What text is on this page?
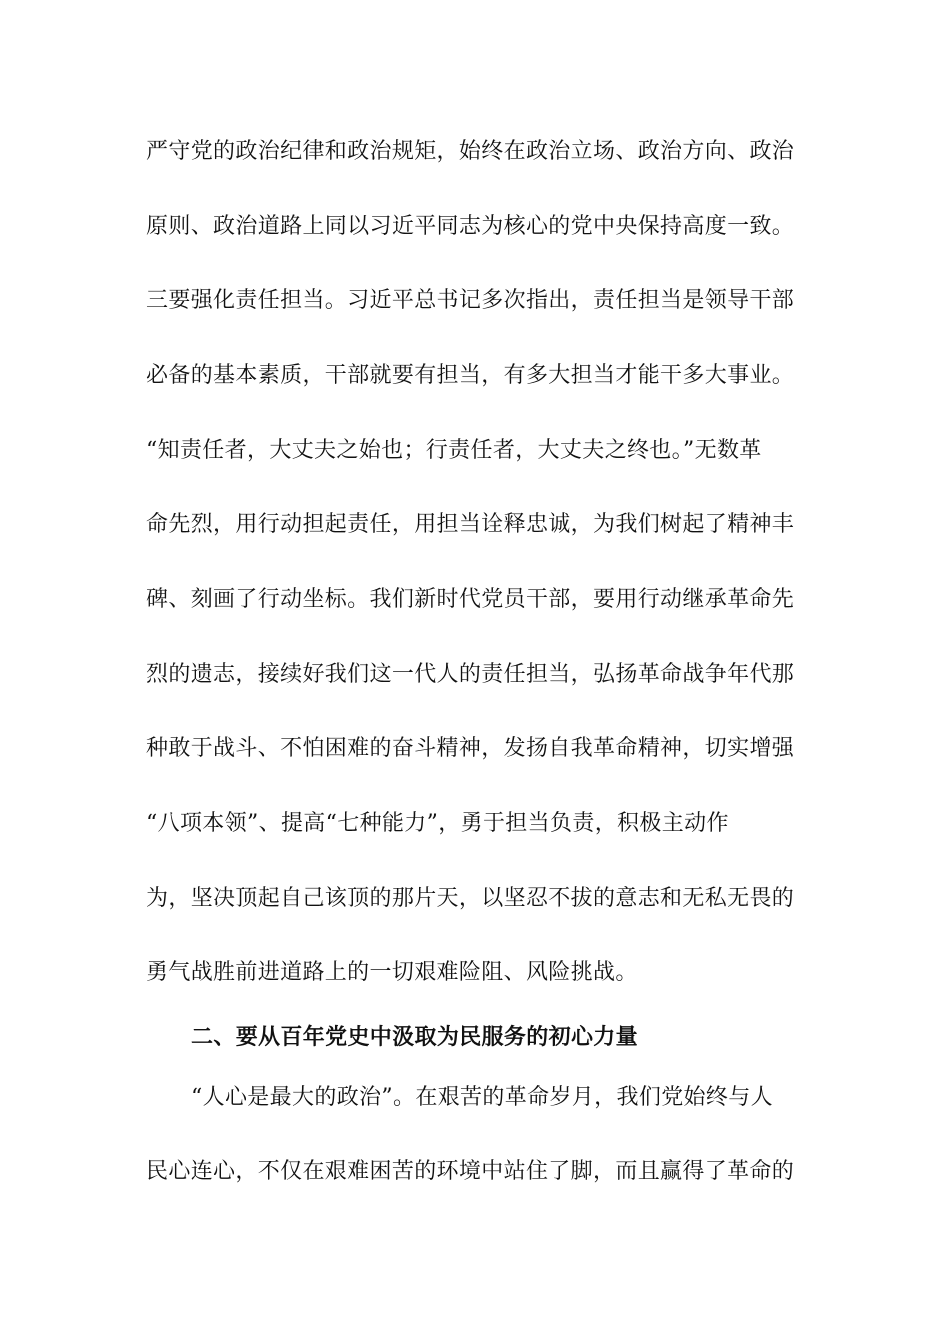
严守党的政治纪律和政治规矩，始终在政治立场、政治方向、政治
原则、政治道路上同以习近平同志为核心的党中央保持高度一致。
三要强化责任担当。习近平总书记多次指出，责任担当是领导干部
必备的基本素质，干部就要有担当，有多大担当才能干多大事业。
“知责任者，大丈夫之始也；行责任者，大丈夫之终也。”无数革
命先烈，用行动担起责任，用担当诠释忠诚，为我们树起了精神丰
碑、刻画了行动坐标。我们新时代党员干部，要用行动继承革命先
烈的遗志，接续好我们这一代人的责任担当，弘扬革命战争年代那
种敢于战斗、不怕困难的奋斗精神，发扬自我革命精神，切实增强
“八项本领”、提高“七种能力”，勇于担当负责，积极主动作
为，坚决顶起自己该顶的那片天，以坚忍不拔的意志和无私无畏的
勇气战胜前进道路上的一切艰难险阻、风险挑战。
二、要从百年党史中汲取为民服务的初心力量
“人心是最大的政治”。在艰苦的革命岁月，我们党始终与人
民心连心，不仅在艰难困苦的环境中站住了脚，而且赢得了革命的
